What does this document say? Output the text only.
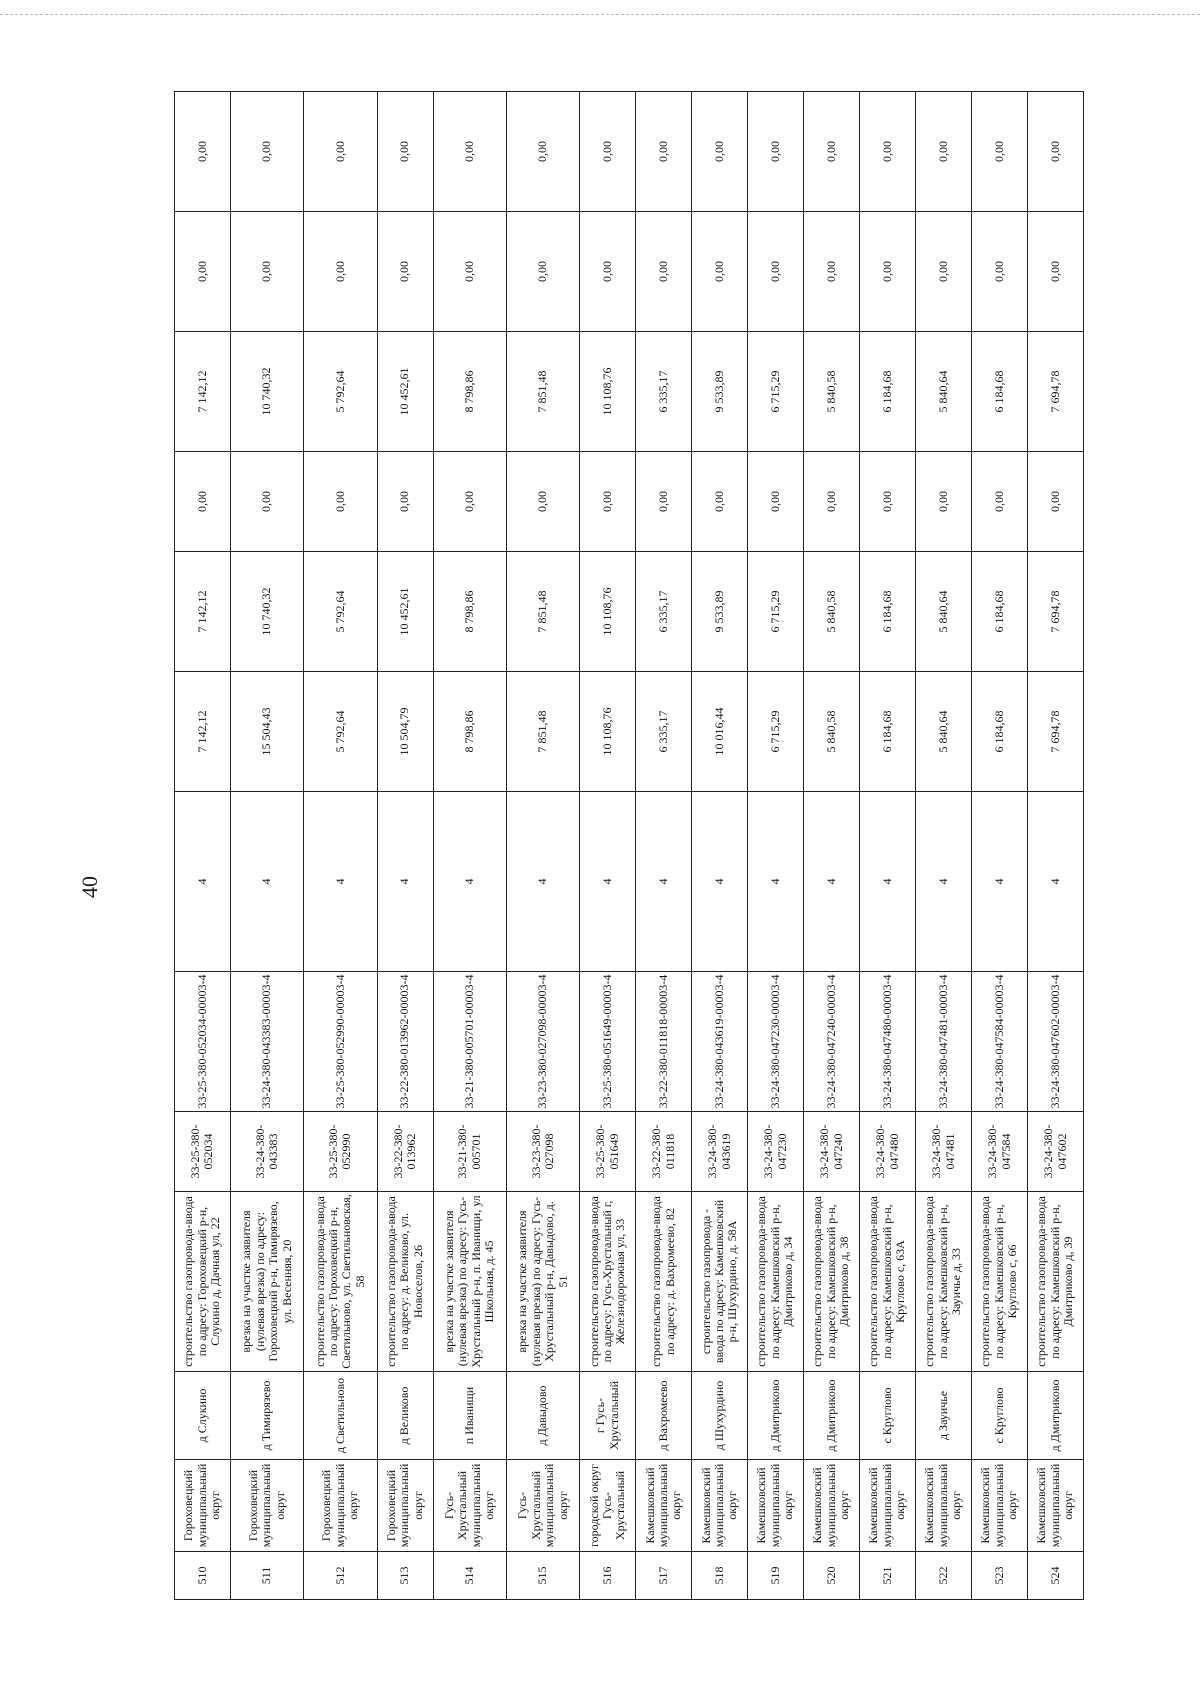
40
510	Гороховецкий муниципальный округ	д Слукино	строительство газопровода-ввода по адресу: Гороховецкий р-н, Слукино д, Дачная ул, 22	33-25-380-052034	33-25-380-052034-00003-4	4	7 142,12	7 142,12	0,00	7 142,12	0,00	0,00
511	Гороховецкий муниципальный округ	д Тимирязево	врезка на участке заявителя (нулевая врезка) по адресу: Гороховецкий р-н, Тимирязево, ул. Весенняя, 20	33-24-380-043383	33-24-380-043383-00003-4	4	15 504,43	10 740,32	0,00	10 740,32	0,00	0,00
512	Гороховецкий муниципальный округ	д Светильново	строительство газопровода-ввода по адресу: Гороховецкий р-н, Светильново, ул. Светильновская, 58	33-25-380-052990	33-25-380-052990-00003-4	4	5 792,64	5 792,64	0,00	5 792,64	0,00	0,00
513	Гороховецкий муниципальный округ	д Великово	строительство газопровода-ввода по адресу: д. Великово, ул. Новоселов, 26	33-22-380-013962	33-22-380-013962-00003-4	4	10 504,79	10 452,61	0,00	10 452,61	0,00	0,00
514	Гусь-Хрустальный муниципальный округ	п Иванищи	врезка на участке заявителя (нулевая врезка) по адресу: Гусь-Хрустальный р-н, п. Иванищи, ул Школьная, д. 45	33-21-380-005701	33-21-380-005701-00003-4	4	8 798,86	8 798,86	0,00	8 798,86	0,00	0,00
515	Гусь-Хрустальный муниципальный округ	д Давыдово	врезка на участке заявителя (нулевая врезка) по адресу: Гусь-Хрустальный р-н, Давыдово, д. 51	33-23-380-027098	33-23-380-027098-00003-4	4	7 851,48	7 851,48	0,00	7 851,48	0,00	0,00
516	городской округ Гусь-Хрустальный	г Гусь-Хрустальный	строительство газопровода-ввода по адресу: Гусь-Хрустальный г, Железнодорожная ул, 33	33-25-380-051649	33-25-380-051649-00003-4	4	10 108,76	10 108,76	0,00	10 108,76	0,00	0,00
517	Камешковский муниципальный округ	д Вахромеево	строительство газопровода-ввода по адресу: д. Вахромеево, 82	33-22-380-011818	33-22-380-011818-00003-4	4	6 335,17	6 335,17	0,00	6 335,17	0,00	0,00
518	Камешковский муниципальный округ	д Шухурдино	строительство газопровода - ввода по адресу: Камешковский р-н, Шухурдино, д. 58А	33-24-380-043619	33-24-380-043619-00003-4	4	10 016,44	9 533,89	0,00	9 533,89	0,00	0,00
519	Камешковский муниципальный округ	д Дмитриково	строительство газопровода-ввода по адресу: Камешковский р-н, Дмитриково д, 34	33-24-380-047230	33-24-380-047230-00003-4	4	6 715,29	6 715,29	0,00	6 715,29	0,00	0,00
520	Камешковский муниципальный округ	д Дмитриково	строительство газопровода-ввода по адресу: Камешковский р-н, Дмитриково д, 38	33-24-380-047240	33-24-380-047240-00003-4	4	5 840,58	5 840,58	0,00	5 840,58	0,00	0,00
521	Камешковский муниципальный округ	с Круглово	строительство газопровода-ввода по адресу: Камешковский р-н, Круглово с, 63А	33-24-380-047480	33-24-380-047480-00003-4	4	6 184,68	6 184,68	0,00	6 184,68	0,00	0,00
522	Камешковский муниципальный округ	д Зауичье	строительство газопровода-ввода по адресу: Камешковский р-н, Зауичье д, 33	33-24-380-047481	33-24-380-047481-00003-4	4	5 840,64	5 840,64	0,00	5 840,64	0,00	0,00
523	Камешковский муниципальный округ	с Круглово	строительство газопровода-ввода по адресу: Камешковский р-н, Круглово с, 66	33-24-380-047584	33-24-380-047584-00003-4	4	6 184,68	6 184,68	0,00	6 184,68	0,00	0,00
524	Камешковский муниципальный округ	д Дмитриково	строительство газопровода-ввода по адресу: Камешковский р-н, Дмитриково д, 39	33-24-380-047602	33-24-380-047602-00003-4	4	7 694,78	7 694,78	0,00	7 694,78	0,00	0,00
